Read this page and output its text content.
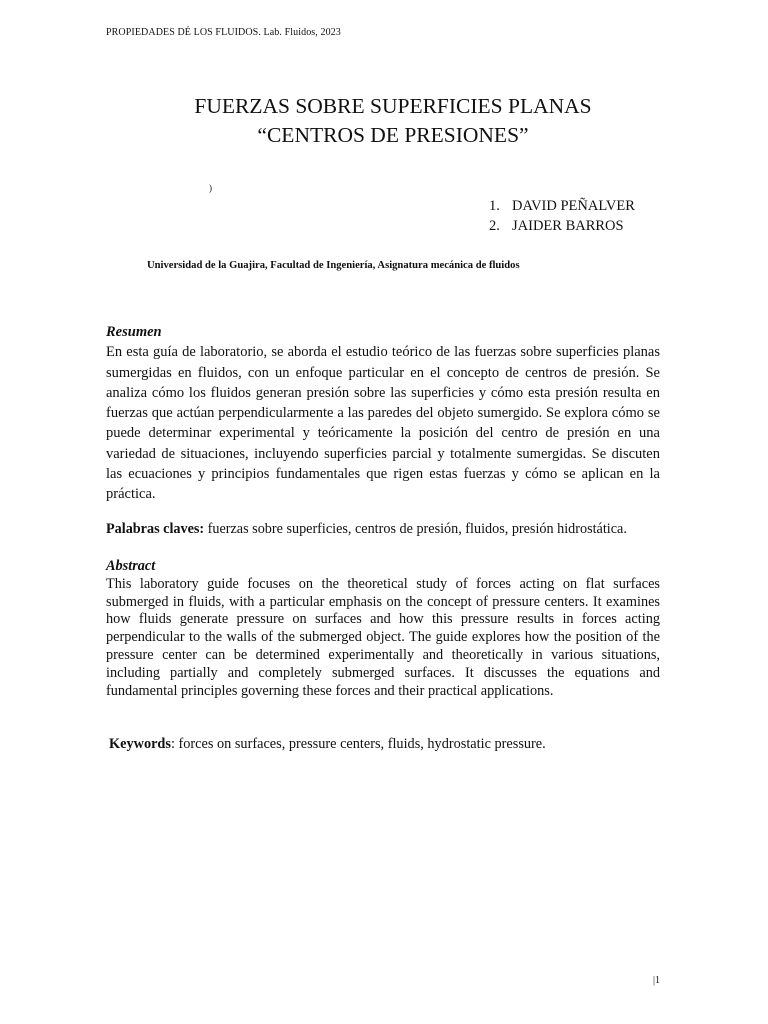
PROPIEDADES DÉ LOS FLUIDOS. Lab. Fluidos, 2023
FUERZAS SOBRE SUPERFICIES PLANAS
“CENTROS DE PRESIONES”
)
1. DAVID PEÑALVER
2. JAIDER BARROS
Universidad de la Guajira, Facultad de Ingeniería, Asignatura mecánica de fluidos
Resumen
En esta guía de laboratorio, se aborda el estudio teórico de las fuerzas sobre superficies planas sumergidas en fluidos, con un enfoque particular en el concepto de centros de presión. Se analiza cómo los fluidos generan presión sobre las superficies y cómo esta presión resulta en fuerzas que actúan perpendicularmente a las paredes del objeto sumergido. Se explora cómo se puede determinar experimental y teóricamente la posición del centro de presión en una variedad de situaciones, incluyendo superficies parcial y totalmente sumergidas. Se discuten las ecuaciones y principios fundamentales que rigen estas fuerzas y cómo se aplican en la práctica.
Palabras claves: fuerzas sobre superficies, centros de presión, fluidos, presión hidrostática.
Abstract
This laboratory guide focuses on the theoretical study of forces acting on flat surfaces submerged in fluids, with a particular emphasis on the concept of pressure centers. It examines how fluids generate pressure on surfaces and how this pressure results in forces acting perpendicular to the walls of the submerged object. The guide explores how the position of the pressure center can be determined experimentally and theoretically in various situations, including partially and completely submerged surfaces. It discusses the equations and fundamental principles governing these forces and their practical applications.
Keywords: forces on surfaces, pressure centers, fluids, hydrostatic pressure.
|1
